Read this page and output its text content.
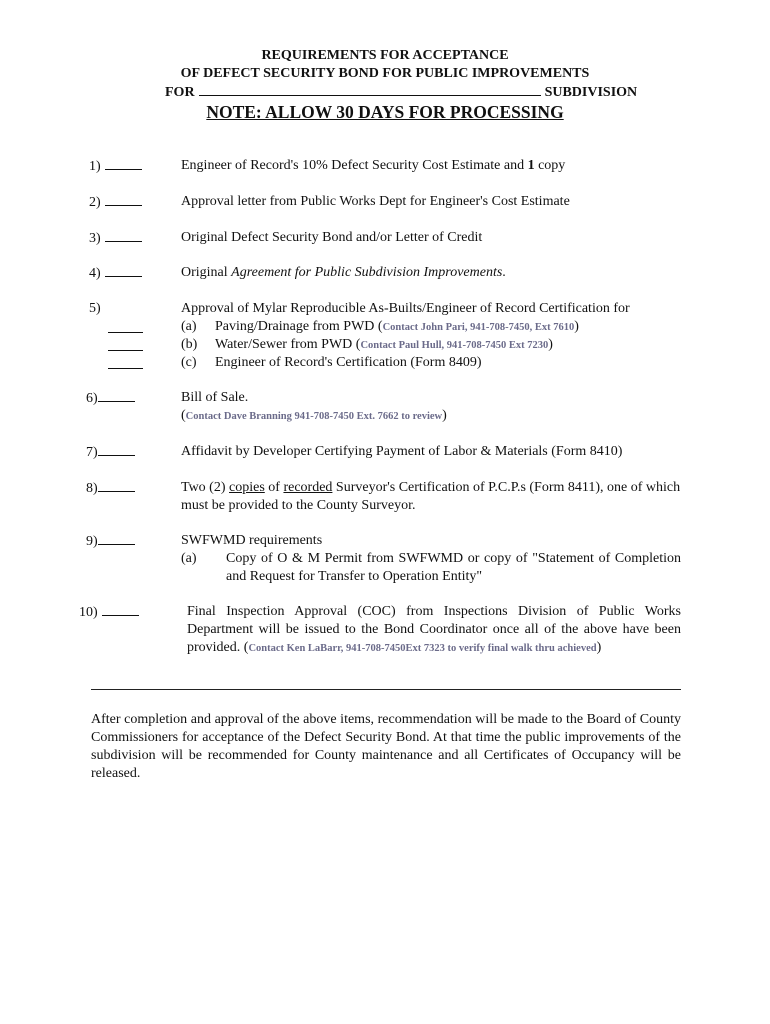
REQUIREMENTS FOR ACCEPTANCE
OF DEFECT SECURITY BOND FOR PUBLIC IMPROVEMENTS
FOR	SUBDIVISION
NOTE: ALLOW 30 DAYS FOR PROCESSING
1)	Engineer of Record's 10% Defect Security Cost Estimate and 1 copy
2)	Approval letter from Public Works Dept for Engineer's Cost Estimate
3)	Original Defect Security Bond and/or Letter of Credit
4)	Original Agreement for Public Subdivision Improvements.
5)	Approval of Mylar Reproducible As-Builts/Engineer of Record Certification for
(a) Paving/Drainage from PWD (Contact John Pari, 941-708-7450, Ext 7610)
(b) Water/Sewer from PWD (Contact Paul Hull, 941-708-7450 Ext 7230)
(c) Engineer of Record's Certification (Form 8409)
6)	Bill of Sale.
(Contact Dave Branning 941-708-7450 Ext. 7662 to review)
7)	Affidavit by Developer Certifying Payment of Labor & Materials (Form 8410)
8)	Two (2) copies of recorded Surveyor's Certification of P.C.P.s (Form 8411), one of which must be provided to the County Surveyor.
9)	SWFWMD requirements
(a)	Copy of O & M Permit from SWFWMD or copy of "Statement of Completion and Request for Transfer to Operation Entity"
10)	Final Inspection Approval (COC) from Inspections Division of Public Works Department will be issued to the Bond Coordinator once all of the above have been provided. (Contact Ken LaBarr, 941-708-7450Ext 7323 to verify final walk thru achieved)
After completion and approval of the above items, recommendation will be made to the Board of County Commissioners for acceptance of the Defect Security Bond. At that time the public improvements of the subdivision will be recommended for County maintenance and all Certificates of Occupancy will be released.
